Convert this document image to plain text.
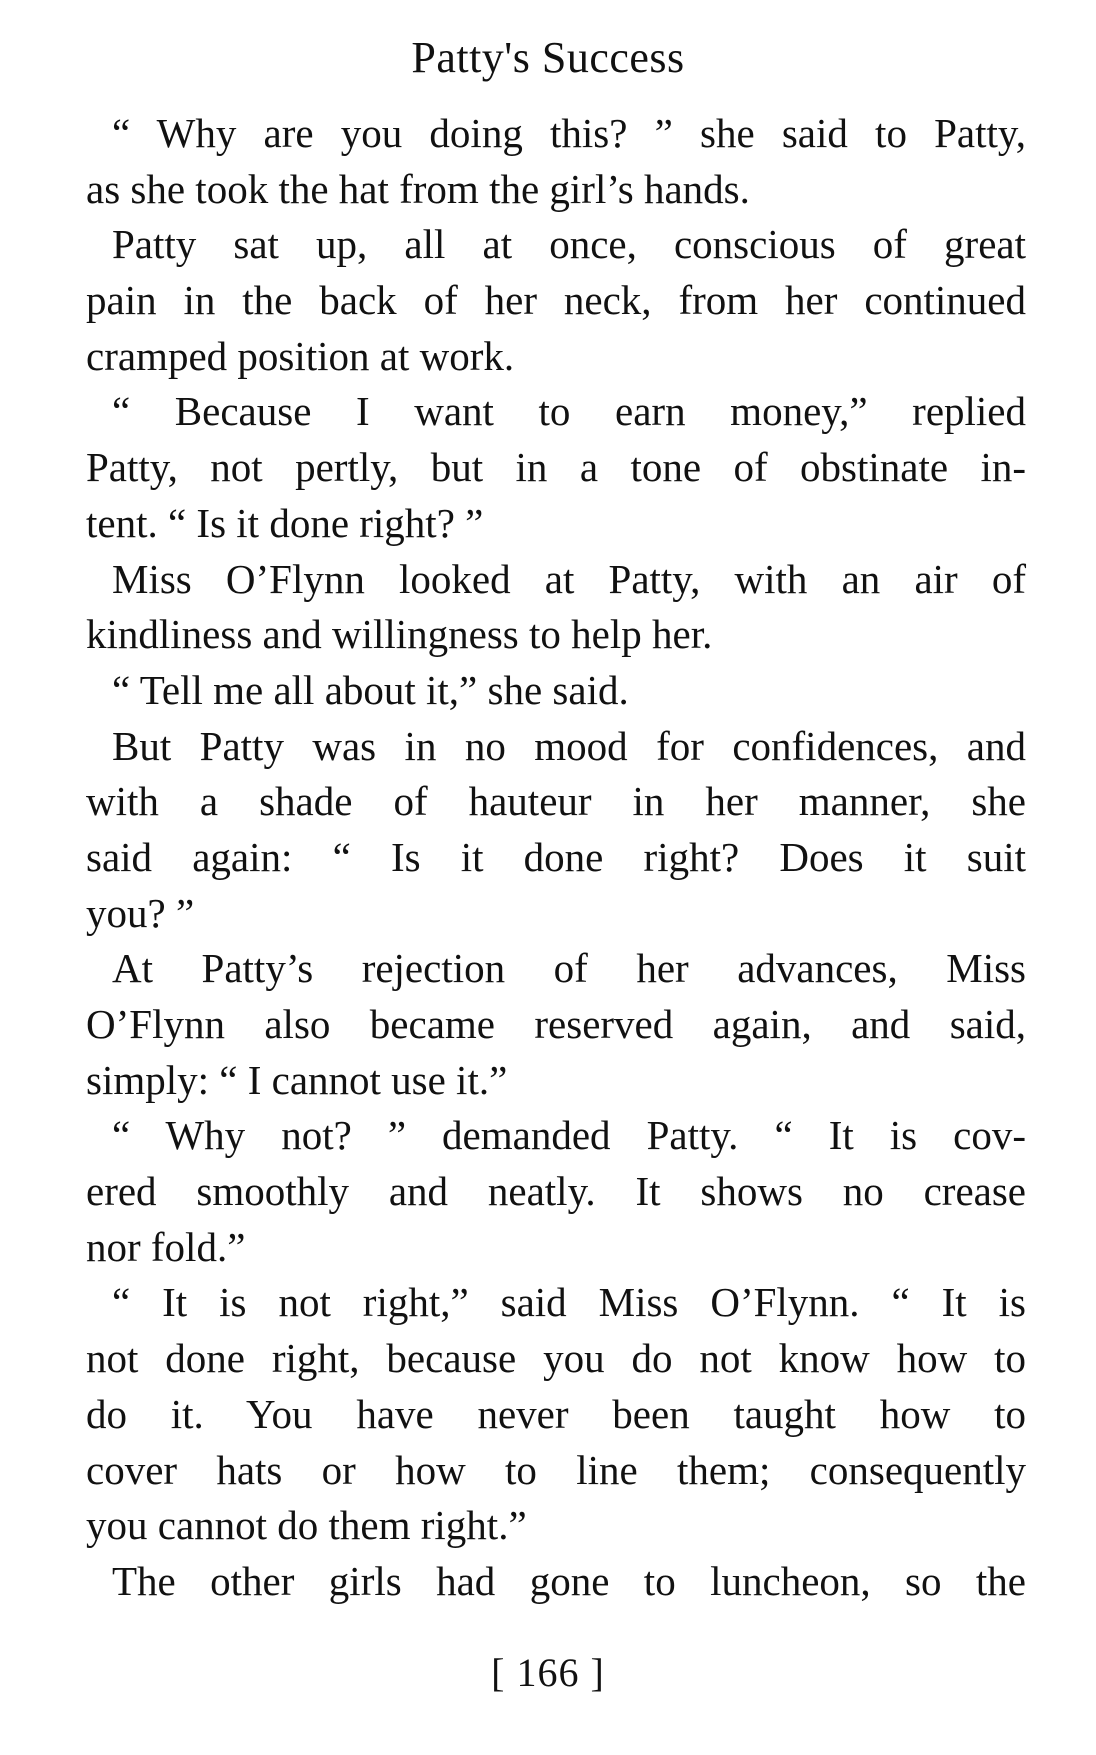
Patty's Success
“ Why are you doing this? ” she said to Patty,
as she took the hat from the girl’s hands.
Patty sat up, all at once, conscious of great
pain in the back of her neck, from her continued
cramped position at work.
“ Because I want to earn money,” replied
Patty, not pertly, but in a tone of obstinate in-
tent. “ Is it done right? ”
Miss O’Flynn looked at Patty, with an air of
kindliness and willingness to help her.
“ Tell me all about it,” she said.
But Patty was in no mood for confidences, and
with a shade of hauteur in her manner, she
said again: “ Is it done right? Does it suit
you? ”
At Patty’s rejection of her advances, Miss
O’Flynn also became reserved again, and said,
simply: “ I cannot use it.”
“ Why not? ” demanded Patty. “ It is cov-
ered smoothly and neatly. It shows no crease
nor fold.”
“ It is not right,” said Miss O’Flynn. “ It is
not done right, because you do not know how to
do it. You have never been taught how to
cover hats or how to line them; consequently
you cannot do them right.”
The other girls had gone to luncheon, so the
[ 166 ]
